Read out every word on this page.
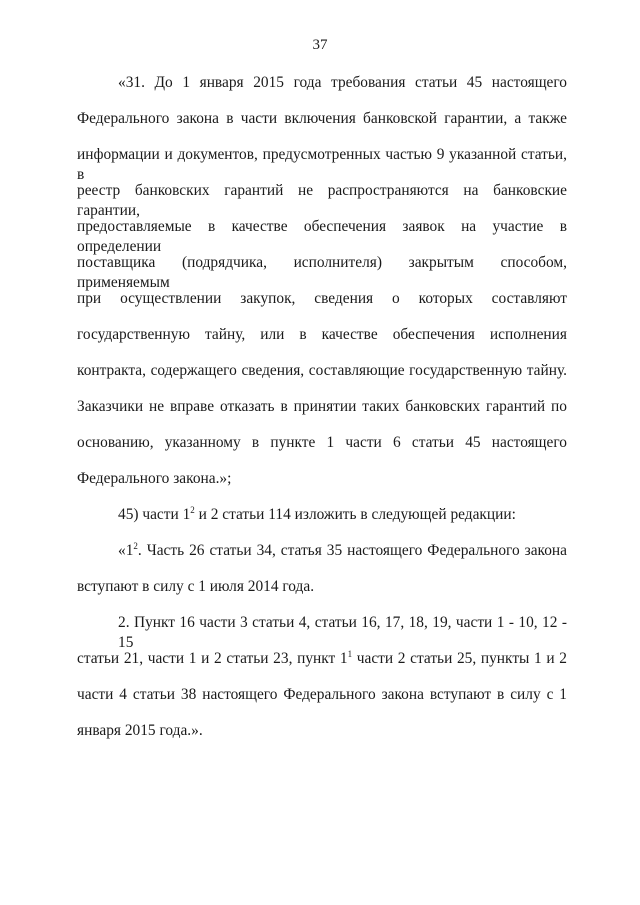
37
«31. До 1 января 2015 года требования статьи 45 настоящего
Федерального закона в части включения банковской гарантии, а также
информации и документов, предусмотренных частью 9 указанной статьи, в
реестр банковских гарантий не распространяются на банковские гарантии,
предоставляемые в качестве обеспечения заявок на участие в определении
поставщика (подрядчика, исполнителя) закрытым способом, применяемым
при осуществлении закупок, сведения о которых составляют
государственную тайну, или в качестве обеспечения исполнения
контракта, содержащего сведения, составляющие государственную тайну.
Заказчики не вправе отказать в принятии таких банковских гарантий по
основанию, указанному в пункте 1 части 6 статьи 45 настоящего
Федерального закона.»;
45) части $1^2$ и 2 статьи 114 изложить в следующей редакции:
«$1^2$. Часть 26 статьи 34, статья 35 настоящего Федерального закона
вступают в силу с 1 июля 2014 года.
2. Пункт 16 части 3 статьи 4, статьи 16, 17, 18, 19, части 1 - 10, 12 - 15
статьи 21, части 1 и 2 статьи 23, пункт $1^1$ части 2 статьи 25, пункты 1 и 2
части 4 статьи 38 настоящего Федерального закона вступают в силу с 1
января 2015 года.».
